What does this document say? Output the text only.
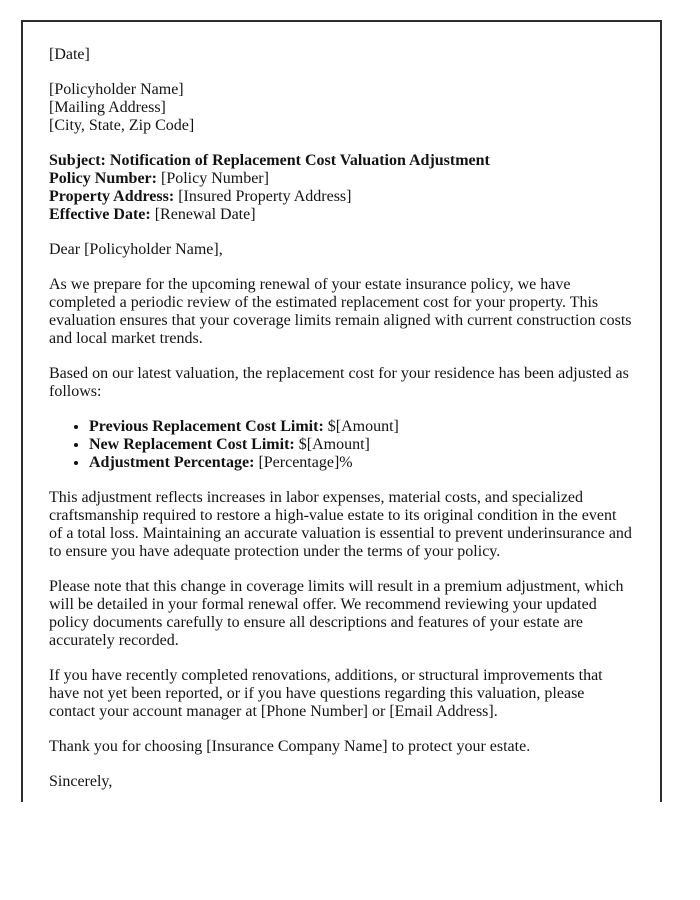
[Date]

[Policyholder Name]
[Mailing Address]
[City, State, Zip Code]

Subject: Notification of Replacement Cost Valuation Adjustment
Policy Number: [Policy Number]
Property Address: [Insured Property Address]
Effective Date: [Renewal Date]

Dear [Policyholder Name],

As we prepare for the upcoming renewal of your estate insurance policy, we have completed a periodic review of the estimated replacement cost for your property. This evaluation ensures that your coverage limits remain aligned with current construction costs and local market trends.

Based on our latest valuation, the replacement cost for your residence has been adjusted as follows:

• Previous Replacement Cost Limit: $[Amount]
• New Replacement Cost Limit: $[Amount]
• Adjustment Percentage: [Percentage]%

This adjustment reflects increases in labor expenses, material costs, and specialized craftsmanship required to restore a high-value estate to its original condition in the event of a total loss. Maintaining an accurate valuation is essential to prevent underinsurance and to ensure you have adequate protection under the terms of your policy.

Please note that this change in coverage limits will result in a premium adjustment, which will be detailed in your formal renewal offer. We recommend reviewing your updated policy documents carefully to ensure all descriptions and features of your estate are accurately recorded.

If you have recently completed renovations, additions, or structural improvements that have not yet been reported, or if you have questions regarding this valuation, please contact your account manager at [Phone Number] or [Email Address].

Thank you for choosing [Insurance Company Name] to protect your estate.

Sincerely,
